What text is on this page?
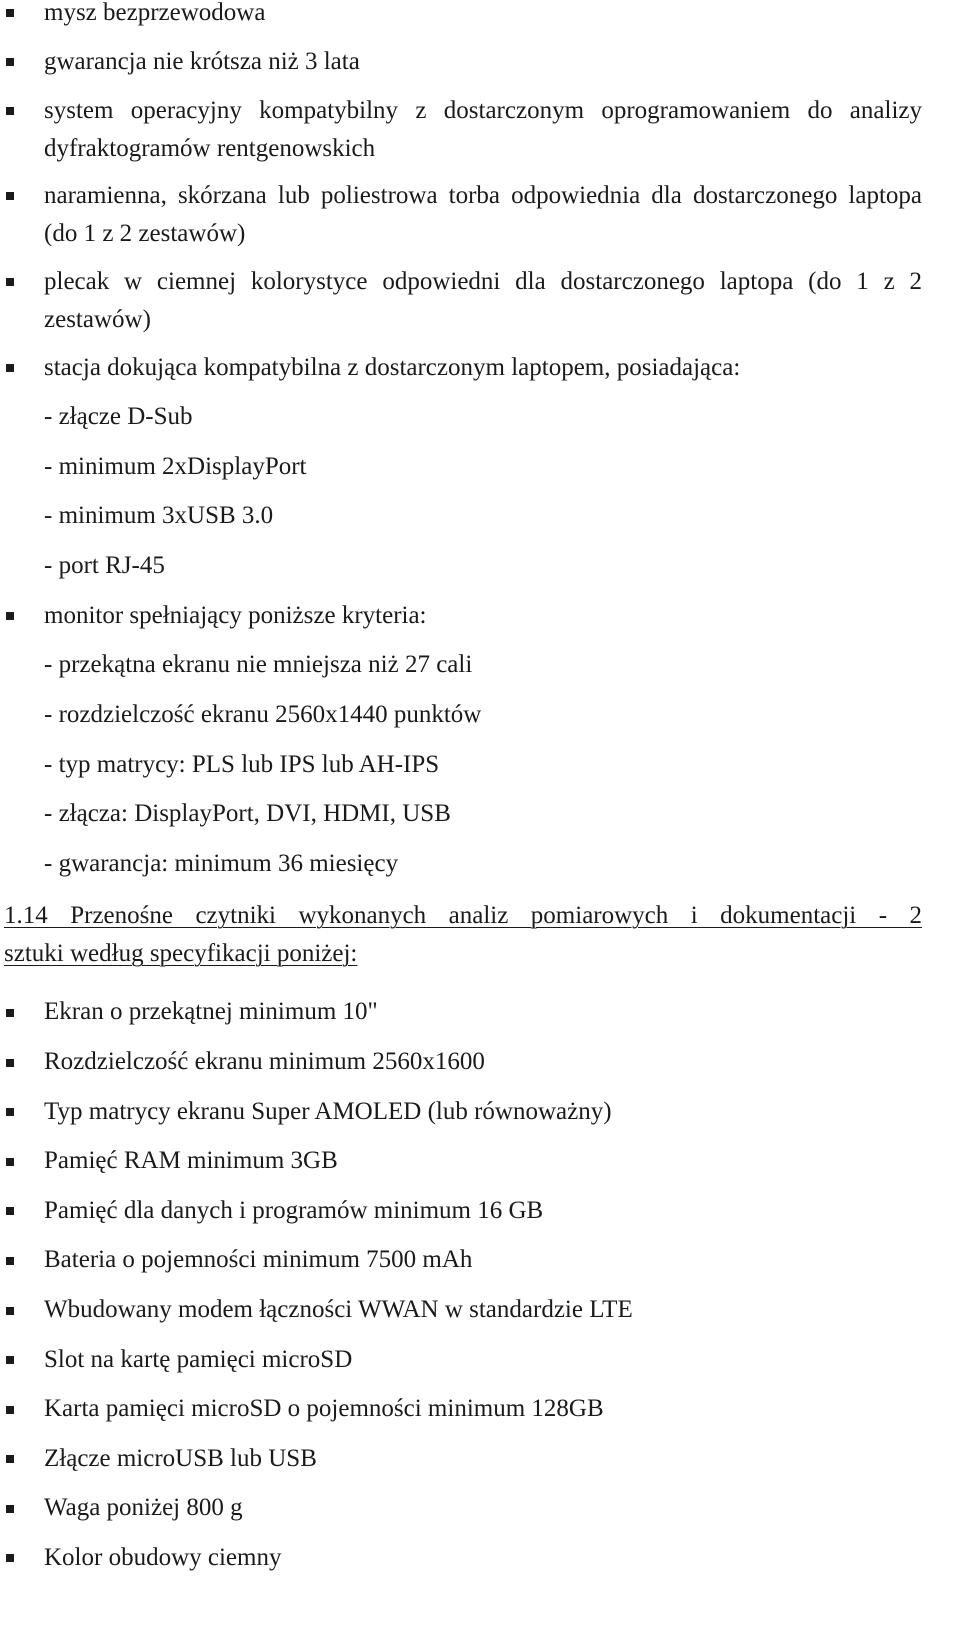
mysz bezprzewodowa
gwarancja nie krótsza niż 3 lata
system operacyjny kompatybilny z dostarczonym oprogramowaniem do analizy dyfraktogramów rentgenowskich
naramienna, skórzana lub poliestrowa torba odpowiednia dla dostarczonego laptopa (do 1 z 2 zestawów)
plecak w ciemnej kolorystyce odpowiedni dla dostarczonego laptopa (do 1 z 2 zestawów)
stacja dokująca kompatybilna z dostarczonym laptopem, posiadająca:
- złącze D-Sub
- minimum 2xDisplayPort
- minimum 3xUSB 3.0
- port RJ-45
monitor spełniający poniższe kryteria:
- przekątna ekranu nie mniejsza niż 27 cali
- rozdzielczość ekranu 2560x1440 punktów
- typ matrycy: PLS lub IPS lub AH-IPS
- złącza: DisplayPort, DVI, HDMI, USB
- gwarancja: minimum 36 miesięcy
1.14 Przenośne czytniki wykonanych analiz pomiarowych i dokumentacji - 2
sztuki według specyfikacji poniżej:
Ekran o przekątnej minimum 10"
Rozdzielczość ekranu minimum 2560x1600
Typ matrycy ekranu Super AMOLED (lub równoważny)
Pamięć RAM minimum 3GB
Pamięć dla danych i programów minimum 16 GB
Bateria o pojemności minimum 7500 mAh
Wbudowany modem łączności WWAN w standardzie LTE
Slot na kartę pamięci microSD
Karta pamięci microSD o pojemności minimum 128GB
Złącze microUSB lub USB
Waga poniżej 800 g
Kolor obudowy ciemny
